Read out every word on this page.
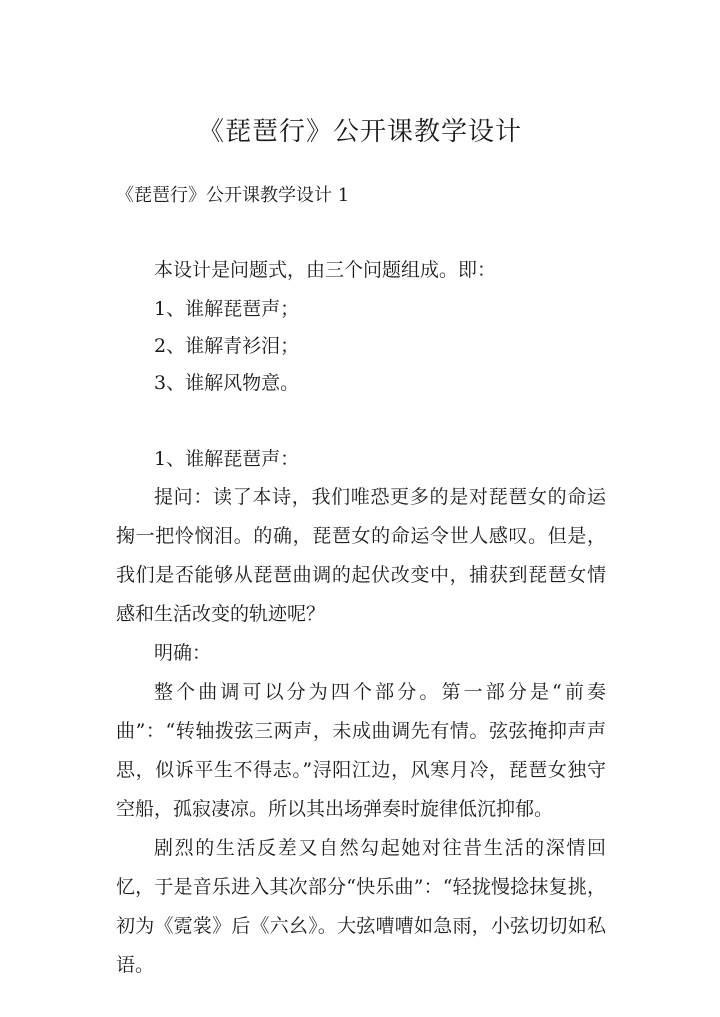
《琵琶行》公开课教学设计

《琵琶行》公开课教学设计 1

本设计是问题式，由三个问题组成。即：

1、谁解琵琶声；

2、谁解青衫泪；

3、谁解风物意。

1、谁解琵琶声：

提问：读了本诗，我们唯恐更多的是对琵琶女的命运掬一把怜悯泪。的确，琵琶女的命运令世人感叹。但是，我们是否能够从琵琶曲调的起伏改变中，捕获到琵琶女情感和生活改变的轨迹呢？

明确：

整个曲调可以分为四个部分。第一部分是“前奏曲”：“转轴拨弦三两声，未成曲调先有情。弦弦掩抑声声思，似诉平生不得志。”浔阳江边，风寒月冷，琵琶女独守空船，孤寂凄凉。所以其出场弹奏时旋律低沉抑郁。

剧烈的生活反差又自然勾起她对往昔生活的深情回忆，于是音乐进入其次部分“快乐曲”：“轻拢慢捻抹复挑，初为《霓裳》后《六幺》。大弦嘈嘈如急雨，小弦切切如私语。
